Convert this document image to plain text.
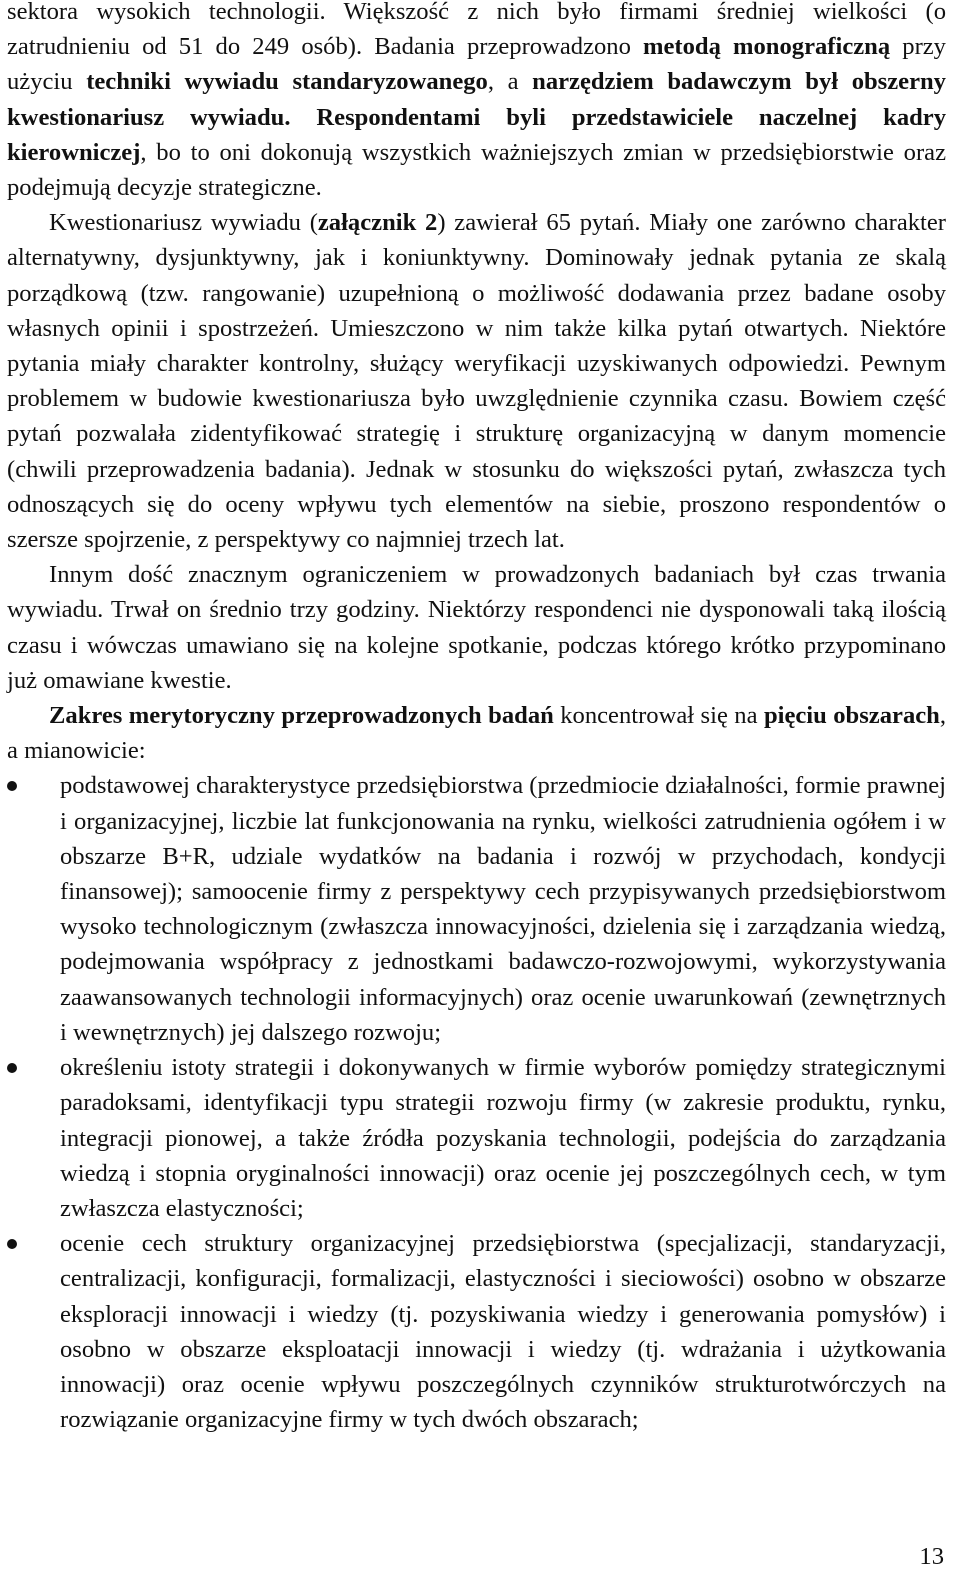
sektora wysokich technologii. Większość z nich było firmami średniej wielkości (o zatrudnieniu od 51 do 249 osób). Badania przeprowadzono metodą monograficzną przy użyciu techniki wywiadu standaryzowanego, a narzędziem badawczym był obszerny kwestionariusz wywiadu. Respondentami byli przedstawiciele naczelnej kadry kierowniczej, bo to oni dokonują wszystkich ważniejszych zmian w przedsiębiorstwie oraz podejmują decyzje strategiczne.

Kwestionariusz wywiadu (załącznik 2) zawierał 65 pytań. Miały one zarówno charakter alternatywny, dysjunktywny, jak i koniunktywny. Dominowały jednak pytania ze skalą porządkową (tzw. rangowanie) uzupełnioną o możliwość dodawania przez badane osoby własnych opinii i spostrzeżeń. Umieszczono w nim także kilka pytań otwartych. Niektóre pytania miały charakter kontrolny, służący weryfikacji uzyskiwanych odpowiedzi. Pewnym problemem w budowie kwestionariusza było uwzględnienie czynnika czasu. Bowiem część pytań pozwalała zidentyfikować strategię i strukturę organizacyjną w danym momencie (chwili przeprowadzenia badania). Jednak w stosunku do większości pytań, zwłaszcza tych odnoszących się do oceny wpływu tych elementów na siebie, proszono respondentów o szersze spojrzenie, z perspektywy co najmniej trzech lat.

Innym dość znacznym ograniczeniem w prowadzonych badaniach był czas trwania wywiadu. Trwał on średnio trzy godziny. Niektórzy respondenci nie dysponowali taką ilością czasu i wówczas umawiano się na kolejne spotkanie, podczas którego krótko przypominano już omawiane kwestie.

Zakres merytoryczny przeprowadzonych badań koncentrował się na pięciu obszarach, a mianowicie:

podstawowej charakterystyce przedsiębiorstwa (przedmiocie działalności, formie prawnej i organizacyjnej, liczbie lat funkcjonowania na rynku, wielkości zatrudnienia ogółem i w obszarze B+R, udziale wydatków na badania i rozwój w przychodach, kondycji finansowej); samoocenie firmy z perspektywy cech przypisywanych przedsiębiorstwom wysoko technologicznym (zwłaszcza innowacyjności, dzielenia się i zarządzania wiedzą, podejmowania współpracy z jednostkami badawczo-rozwojowymi, wykorzystywania zaawansowanych technologii informacyjnych) oraz ocenie uwarunkowań (zewnętrznych i wewnętrznych) jej dalszego rozwoju;
określeniu istoty strategii i dokonywanych w firmie wyborów pomiędzy strategicznymi paradoksami, identyfikacji typu strategii rozwoju firmy (w zakresie produktu, rynku, integracji pionowej, a także źródła pozyskania technologii, podejścia do zarządzania wiedzą i stopnia oryginalności innowacji) oraz ocenie jej poszczególnych cech, w tym zwłaszcza elastyczności;
ocenie cech struktury organizacyjnej przedsiębiorstwa (specjalizacji, standaryzacji, centralizacji, konfiguracji, formalizacji, elastyczności i sieciowości) osobno w obszarze eksploracji innowacji i wiedzy (tj. pozyskiwania wiedzy i generowania pomysłów) i osobno w obszarze eksploatacji innowacji i wiedzy (tj. wdrażania i użytkowania innowacji) oraz ocenie wpływu poszczególnych czynników strukturotwórczych na rozwiązanie organizacyjne firmy w tych dwóch obszarach;
13
